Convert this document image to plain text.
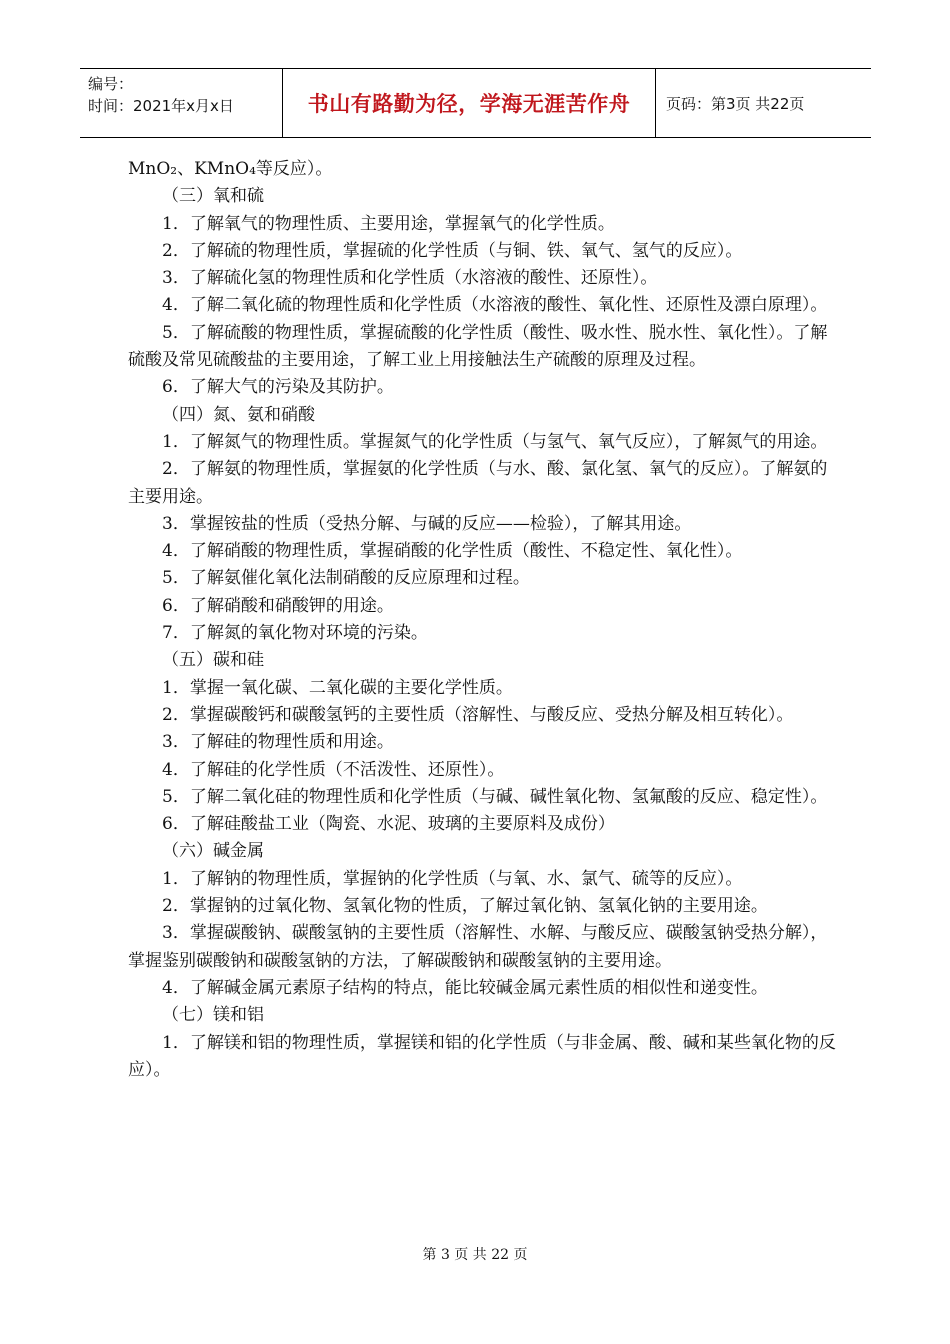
编号：
时间：2021年x月x日	书山有路勤为径，学海无涯苦作舟	页码：第3页 共22页

MnO₂、KMnO₄等反应）。

（三）氧和硫

1．了解氧气的物理性质、主要用途，掌握氧气的化学性质。

2．了解硫的物理性质，掌握硫的化学性质（与铜、铁、氧气、氢气的反应）。

3．了解硫化氢的物理性质和化学性质（水溶液的酸性、还原性）。

4．了解二氧化硫的物理性质和化学性质（水溶液的酸性、氧化性、还原性及漂白原理）。

5．了解硫酸的物理性质，掌握硫酸的化学性质（酸性、吸水性、脱水性、氧化性）。了解硫酸及常见硫酸盐的主要用途，了解工业上用接触法生产硫酸的原理及过程。

6．了解大气的污染及其防护。

（四）氮、氨和硝酸

1．了解氮气的物理性质。掌握氮气的化学性质（与氢气、氧气反应），了解氮气的用途。

2．了解氨的物理性质，掌握氨的化学性质（与水、酸、氯化氢、氧气的反应）。了解氨的主要用途。

3．掌握铵盐的性质（受热分解、与碱的反应——检验），了解其用途。

4．了解硝酸的物理性质，掌握硝酸的化学性质（酸性、不稳定性、氧化性）。

5．了解氨催化氧化法制硝酸的反应原理和过程。

6．了解硝酸和硝酸钾的用途。

7．了解氮的氧化物对环境的污染。

（五）碳和硅

1．掌握一氧化碳、二氧化碳的主要化学性质。

2．掌握碳酸钙和碳酸氢钙的主要性质（溶解性、与酸反应、受热分解及相互转化）。

3．了解硅的物理性质和用途。

4．了解硅的化学性质（不活泼性、还原性）。

5．了解二氧化硅的物理性质和化学性质（与碱、碱性氧化物、氢氟酸的反应、稳定性）。

6．了解硅酸盐工业（陶瓷、水泥、玻璃的主要原料及成份）

（六）碱金属

1．了解钠的物理性质，掌握钠的化学性质（与氧、水、氯气、硫等的反应）。

2．掌握钠的过氧化物、氢氧化物的性质，了解过氧化钠、氢氧化钠的主要用途。

3．掌握碳酸钠、碳酸氢钠的主要性质（溶解性、水解、与酸反应、碳酸氢钠受热分解），掌握鉴别碳酸钠和碳酸氢钠的方法，了解碳酸钠和碳酸氢钠的主要用途。

4．了解碱金属元素原子结构的特点，能比较碱金属元素性质的相似性和递变性。

（七）镁和铝

1．了解镁和铝的物理性质，掌握镁和铝的化学性质（与非金属、酸、碱和某些氧化物的反应）。

第 3 页 共 22 页
